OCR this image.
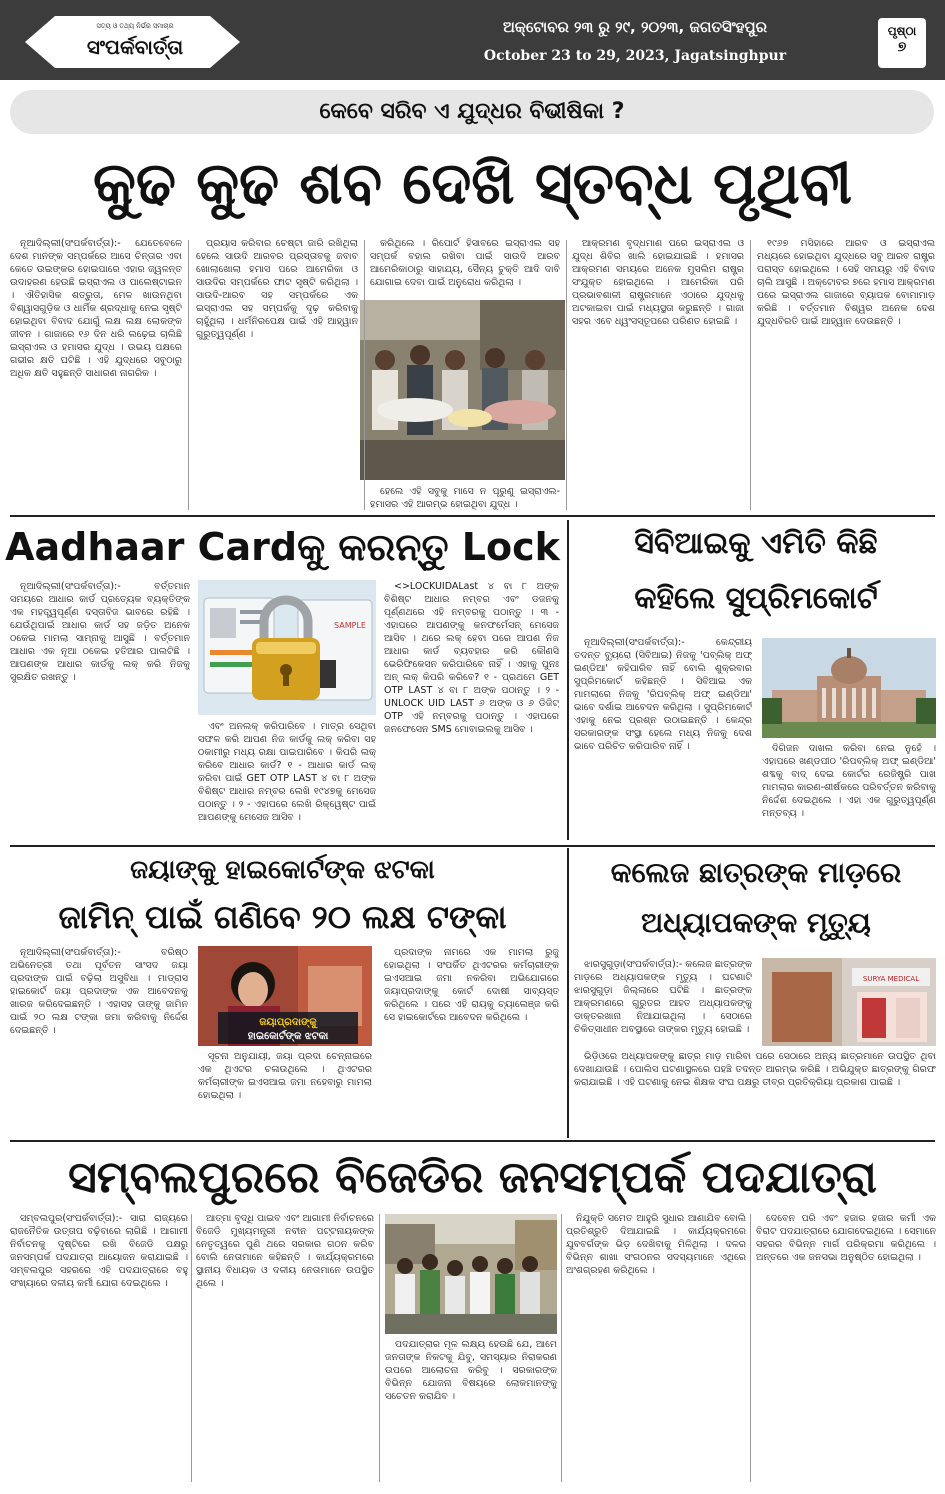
ସତ୍ୟ ଓ ତଥ୍ୟ ନିର୍ଭର ସମାଚାର
ସଂପର୍କବାର୍ତ୍ତା
ଅକ୍ଟୋବର ୨୩ ରୁ ୨୯, ୨୦୨୩, ଜଗତସିଂହପୁର
October 23 to 29, 2023, Jagatsinghpur
ପୃଷ୍ଠା
୭
କେବେ ସରିବ ଏ ଯୁଦ୍ଧର ବିଭୀଷିକା ?
କୁଢ କୁଢ ଶବ ଦେଖି ସ୍ତବ୍ଧ ପୃଥିବୀ

ନୂଆଦିଲ୍ଲୀ(ସଂପର୍କବାର୍ତ୍ତା):- ଯେତେବେଳେ ଦେଶ ମାନଙ୍କ ସମ୍ପର୍କରେ ଆସେ ଚିନ୍ତାର ଏବା କେତେ ଉଇଙ୍କର ହୋଇପାରେ ଏହାର ଜ୍ୱଳନ୍ତ ଉଦାହରଣ ହେଉଛି ଇସ୍ରାଏଲ ଓ ପାଲେଷ୍ଟାଇନ । ଐତିହାସିକ ଶତ୍ରୁତା, ମେଳ ଖାଉନଥିବା ବିଶ୍ୱାସଗୁଡ଼ିକ ଓ ଧାର୍ମିକ ଶ୍ରଦ୍ଧାକୁ ନେଇ ସୃଷ୍ଟି ହୋଇଥିବା ବିବାଦ ଯୋଗୁଁ ଲକ୍ଷ ଲକ୍ଷ ଲୋକଙ୍କ ଜୀବନ । ଗାଜାରେ ୧୬ ଦିନ ଧରି ଲଢ଼େଇ ଚାଲିଛି ଇସ୍ରାଏଲ ଓ ହମାସର ଯୁଦ୍ଧ । ଉଭୟ ପକ୍ଷରେ ଗଭୀର କ୍ଷତି ଘଟିଛି । ଏହି ଯୁଦ୍ଧରେ ସବୁଠାରୁ ଅଧିକ କ୍ଷତି ସହୁଛନ୍ତି ସାଧାରଣ ନାଗରିକ ।

ପ୍ରୟାସ କରିବାର ଚେଷ୍ଟା ଜାରି ରଖିଥିଲା ହେଲେ ସାଉଦି ଆରବର ପ୍ରସ୍ତାବକୁ ଜବାବ ଖୋଲାଖୋଲା ହମାସ ପରେ ଆମେରିକା ଓ ସାଉଦିର ସମ୍ପର୍କରେ ଫାଟ ସୃଷ୍ଟି କରିଥିଲା । ସାଉଦି-ଆରବ ସହ ସମ୍ପର୍କରେ ଏକ ଇସ୍ରାଏଲ ସହ ସମ୍ପର୍କକୁ ଦୃଢ଼ କରିବାକୁ ଚାହୁଁଥିଲା । ଧର୍ମନିରପେକ୍ଷ ପାଇଁ ଏହି ଆହ୍ୱାନ ଗୁରୁତ୍ୱପୂର୍ଣ୍ଣ ।

କରିଥିଲେ । ରିପୋର୍ଟ ହିସାବରେ ଇସ୍ରାଏଲ ସହ ସମ୍ପର୍କ ବହାଲ ରଖିବା ପାଇଁ ସାଉଦି ଆରବ ଆମେରିକାଠାରୁ ସାହାଯ୍ୟ, ସୈନ୍ୟ ଚୁକ୍ତି ଆଦି ଦାବି ଯୋଗାଇ ଦେବା ପାଇଁ ଅନୁରୋଧ କରିଥିଲା ।

ହେଲେ ଏହି ସବୁକୁ ମାସେ ନ ପୂରୁଣୁ ଇସ୍ରାଏଲ-ହମାସର ଏହି ଆରମ୍ଭ ହୋଇଥିବା ଯୁଦ୍ଧ ।

ଆକ୍ରମଣ ବୃଦ୍ଧମାଣ ପରେ ଇସ୍ରାଏଲ ଓ ଯୁଦ୍ଧ ଶିବିର ଖାଲି ହୋଇଯାଇଛି । ହମାସର ଆକ୍ରମଣ ସମୟରେ ଅନେକ ମୁସଲିମ ରାଷ୍ଟ୍ର ସଂଯୁକ୍ତ ହୋଇଥିଲେ । ଆମେରିକା ପରି ପ୍ରଭାବଶାଳୀ ରାଷ୍ଟ୍ରମାନେ ଏଠାରେ ଯୁଦ୍ଧକୁ ଅଟକାଇବା ପାଇଁ ମଧ୍ୟସ୍ଥତା କରୁଛନ୍ତି । ଗାଜା ସହର ଏବେ ଧ୍ୱଂସସ୍ତୂପରେ ପରିଣତ ହୋଇଛି ।

୧୯୬୭ ମସିହାରେ ଆରବ ଓ ଇସ୍ରାଏଲ ମଧ୍ୟରେ ହୋଇଥିବା ଯୁଦ୍ଧରେ ସବୁ ଆରବ ରାଷ୍ଟ୍ର ପରାସ୍ତ ହୋଇଥିଲେ । ସେହି ସମୟରୁ ଏହି ବିବାଦ ଚାଲି ଆସୁଛି । ଅକ୍ଟୋବର ୭ରେ ହମାସ ଆକ୍ରମଣ ପରେ ଇସ୍ରାଏଲ ଗାଜାରେ ବ୍ୟାପକ ବୋମାମାଡ଼ କରିଛି । ବର୍ତ୍ତମାନ ବିଶ୍ୱର ଅନେକ ଦେଶ ଯୁଦ୍ଧବିରତି ପାଇଁ ଆହ୍ୱାନ ଦେଉଛନ୍ତି ।

Aadhaar Cardକୁ କରନ୍ତୁ Lock

ନୂଆଦିଲ୍ଲୀ(ସଂପର୍କବାର୍ତ୍ତା):- ବର୍ତ୍ତମାନ ସମୟରେ ଆଧାର କାର୍ଡ ପ୍ରତ୍ୟେକ ବ୍ୟକ୍ତିଙ୍କ ଏକ ମହତ୍ତ୍ୱପୂର୍ଣ୍ଣ ଦସ୍ତାବିଜ ଭାବରେ ରହିଛି । ଯେଉଁଥିପାଇଁ ଆଧାର କାର୍ଡ ସହ ଜଡ଼ିତ ଅନେକ ଠକେଇ ମାମଲା ସାମ୍ନାକୁ ଆସୁଛି । ବର୍ତ୍ତମାନ ଆଧାର ଏକ ନୂଆ ଠକେଇ ହତିଆର ପାଲଟିଛି । ଆପଣଙ୍କ ଆଧାର କାର୍ଡକୁ ଲକ୍ କରି ନିଜକୁ ସୁରକ୍ଷିତ ରଖନ୍ତୁ ।

SAMPLE

ଏବଂ ଅନଲକ୍ କରିପାରିବେ । ମାତ୍ର ସେଥିବା ସଫଳ କରି ଆପଣ ନିଜ କାର୍ଡକୁ ଲକ୍ କରିବା ସହ ଠକାମୀରୁ ମଧ୍ୟ ରକ୍ଷା ପାଇପାରିବେ । କିପରି ଲକ୍ କରିବେ ଆଧାର କାର୍ଡ? ୧ - ଆଧାର କାର୍ଡ ଲକ୍ କରିବା ପାଇଁ GET OTP LAST ୪ ବା ୮ ଅଙ୍କ ବିଶିଷ୍ଟ ଆଧାର ନମ୍ବର ଲେଖି ୧୯୪୭କୁ ମେସେଜ ପଠାନ୍ତୁ । ୨ - ଏହାପରେ ଲେଖି ରିକ୍ୱେଷ୍ଟ ପାଇଁ ଆପଣଙ୍କୁ ମେସେଜ ଆସିବ ।

<>LOCKUIDALast ୪ ବା ୮ ଅଙ୍କ ବିଶିଷ୍ଟ ଆଧାର ନମ୍ବର ଏବଂ ଡଜନକୁ ପୂର୍ଣ୍ଣଥରେ ଏହି ନମ୍ବରକୁ ପଠାନ୍ତୁ । ୩ - ଏହାପରେ ଆପଣଙ୍କୁ କନଫର୍ମେସନ୍ ମେସେଜ ଆସିବ । ଥରେ ଲକ୍ ହେବା ପରେ ଆପଣ ନିଜ ଆଧାର କାର୍ଡ ବ୍ୟବହାର କରି କୌଣସି ଭେରିଫିକେସନ କରିପାରିବେ ନାହିଁ । ଏହାକୁ ପୁନଃ ଅନ୍ ଲକ୍ କିପରି କରିବେ? ୧ - ପ୍ରଥମେ GET OTP LAST ୪ ବା ୮ ଅଙ୍କ ପଠାନ୍ତୁ । ୨ - UNLOCK UID LAST ୬ ଅଙ୍କ ଓ ୬ ଡିଜିଟ୍ OTP ଏହି ନମ୍ବରକୁ ପଠାନ୍ତୁ । ଏହାପରେ ଜନଫେସେନ SMS ମୋବାଇଲକୁ ଆସିବ ।

ସିବିଆଇକୁ ଏମିତି କିଛି
କହିଲେ ସୁପ୍ରିମକୋର୍ଟ

ନୂଆଦିଲ୍ଲୀ(ସଂପର୍କବାର୍ତ୍ତା):- କେନ୍ଦ୍ରୀୟ ତଦନ୍ତ ବ୍ୟୁରୋ (ସିବିଆଇ) ନିଜକୁ 'ପବ୍ଲିକ୍ ଅଫ୍ ଇଣ୍ଡିଆ' କହିପାରିବ ନାହିଁ ବୋଲି ଶୁକ୍ରବାର ସୁପ୍ରିମକୋର୍ଟ କହିଛନ୍ତି । ସିବିଆଇ ଏକ ମାମଲାରେ ନିଜକୁ 'ରିପବ୍ଲିକ୍ ଅଫ୍ ଇଣ୍ଡିଆ' ଭାବେ ଦର୍ଶାଇ ଆବେଦନ କରିଥିଲା । ସୁପ୍ରିମକୋର୍ଟ ଏହାକୁ ନେଇ ପ୍ରଶ୍ନ ଉଠାଇଛନ୍ତି । କେନ୍ଦ୍ର ସରକାରଙ୍କ ସଂସ୍ଥା ହେଲେ ମଧ୍ୟ ନିଜକୁ ଦେଶ ଭାବେ ପରିଚିତ କରିପାରିବ ନାହିଁ ।	ଦିଗିଜନ ଦାଖଲ କରିବା ନେଇ ନୁହେଁ । ଏହାପରେ ଖଣ୍ଡପୀଠ 'ରିପବ୍ଲିକ୍ ଅଫ୍ ଇଣ୍ଡିଆ' ଶବ୍ଦକୁ ବାଦ୍ ଦେଇ କୋର୍ଟର ରେଜିଷ୍ଟ୍ରି ପାଖ ମାମଲାର କାରଣ-ଶୀର୍ଷକରେ ପରିବର୍ତ୍ତନ କରିବାକୁ ନିର୍ଦ୍ଦେଶ ଦେଇଥିଲେ । ଏହା ଏକ ଗୁରୁତ୍ୱପୂର୍ଣ୍ଣ ମନ୍ତବ୍ୟ ।

ଜୟାଙ୍କୁ ହାଇକୋର୍ଟଙ୍କ ଝଟକା
ଜାମିନ୍ ପାଇଁ ଗଣିବେ ୨୦ ଲକ୍ଷ ଟଙ୍କା

ନୂଆଦିଲ୍ଲୀ(ସଂପର୍କବାର୍ତ୍ତା):- ବରିଷ୍ଠ ଅଭିନେତ୍ରୀ ତଥା ପୂର୍ବତନ ସାଂସଦ ଜୟା ପ୍ରଦାଙ୍କ ପାଇଁ ବଢ଼ିଲା ଅସୁବିଧା । ମାଡ୍ରାସ ହାଇକୋର୍ଟ ଜୟା ପ୍ରଦାଙ୍କ ଏକ ଆବେଦନକୁ ଖାରଜ କରିଦେଇଛନ୍ତି । ଏହାସହ ତାଙ୍କୁ ଜାମିନ ପାଇଁ ୨୦ ଲକ୍ଷ ଟଙ୍କା ଜମା କରିବାକୁ ନିର୍ଦ୍ଦେଶ ଦେଇଛନ୍ତି ।

ଜୟାପ୍ରଦାଙ୍କୁ
ହାଇକୋର୍ଟଙ୍କ ଝଟକା

ସୂଚନା ଅନୁଯାୟୀ, ଜୟା ପ୍ରଦା ଚେନ୍ନାଇରେ ଏକ ଥିଏଟର ଚଳାଉଥିଲେ । ଥିଏଟରର କର୍ମଚାରୀଙ୍କ ଇଏସଆଇ ଜମା ନହେବାରୁ ମାମଲା ହୋଇଥିଲା ।

ପ୍ରଦାଙ୍କ ନାମରେ ଏକ ମାମଲା ରୁଜୁ ହୋଇଥିଲା । ସଂପର୍କିତ ଥିଏଟରର କର୍ମଚାରୀଙ୍କ ଇଏସଆଇ ଜମା ନକରିବା ଅଭିଯୋଗରେ ଜୟାପ୍ରଦାଙ୍କୁ କୋର୍ଟ ଦୋଷୀ ସାବ୍ୟସ୍ତ କରିଥିଲେ । ପରେ ଏହି ରାୟକୁ ଚ୍ୟାଲେଞ୍ଜ କରି ସେ ହାଇକୋର୍ଟରେ ଆବେଦନ କରିଥିଲେ ।

କଲେଜ ଛାତ୍ରଙ୍କ ମାଡ଼ରେ
ଅଧ୍ୟାପକଙ୍କ ମୃତ୍ୟୁ

ଝାରସୁଗୁଡ଼ା(ସଂପର୍କବାର୍ତ୍ତା):- କଲେଜ ଛାତ୍ରଙ୍କ ମାଡ଼ରେ ଅଧ୍ୟାପକଙ୍କ ମୃତ୍ୟୁ । ଘଟଣାଟି ଝାରସୁଗୁଡ଼ା ଜିଲ୍ଲାରେ ଘଟିଛି । ଛାତ୍ରଙ୍କ ଆକ୍ରମଣରେ ଗୁରୁତର ଆହତ ଅଧ୍ୟାପକଙ୍କୁ ଡାକ୍ତରଖାନା ନିଆଯାଇଥିଲା । ସେଠାରେ ଚିକିତ୍ସାଧୀନ ଅବସ୍ଥାରେ ତାଙ୍କର ମୃତ୍ୟୁ ହୋଇଛି ।

SURYA MEDICAL

ଭିଡ଼ିଓରେ ଅଧ୍ୟାପକଙ୍କୁ ଛାତ୍ର ମାଡ଼ ମାରିବା ପରେ ସେଠାରେ ଅନ୍ୟ ଛାତ୍ରମାନେ ଉପସ୍ଥିତ ଥିବା ଦେଖାଯାଉଛି । ପୋଲିସ ଘଟଣାସ୍ଥଳରେ ପହଞ୍ଚି ତଦନ୍ତ ଆରମ୍ଭ କରିଛି । ଅଭିଯୁକ୍ତ ଛାତ୍ରଙ୍କୁ ଗିରଫ କରାଯାଇଛି । ଏହି ଘଟଣାକୁ ନେଇ ଶିକ୍ଷକ ସଂଘ ପକ୍ଷରୁ ତୀବ୍ର ପ୍ରତିକ୍ରିୟା ପ୍ରକାଶ ପାଇଛି ।

ସମ୍ବଲପୁରରେ ବିଜେଡିର ଜନସମ୍ପର୍କ ପଦଯାତ୍ରା

ସମ୍ବଲପୁର(ସଂପର୍କବାର୍ତ୍ତା):- ସାରା ରାଜ୍ୟରେ ରାଜନୈତିକ ଉତ୍ତାପ ବଢ଼ିବାରେ ଲାଗିଛି । ଆଗାମୀ ନିର୍ବାଚନକୁ ଦୃଷ୍ଟିରେ ରଖି ବିଜେଡି ପକ୍ଷରୁ ଜନସମ୍ପର୍କ ପଦଯାତ୍ରା ଆୟୋଜନ କରାଯାଇଛି । ସମ୍ବଲପୁର ସହରରେ ଏହି ପଦଯାତ୍ରାରେ ବହୁ ସଂଖ୍ୟାରେ ଦଳୀୟ କର୍ମୀ ଯୋଗ ଦେଇଥିଲେ ।

ଆତ୍ମା ବୃଦ୍ଧି ପାଇବ ଏବଂ ଆଗାମୀ ନିର୍ବାଚନରେ ବିଜେଡି ମୁଖ୍ୟମନ୍ତ୍ରୀ ନବୀନ ପଟ୍ଟନାୟକଙ୍କ ନେତୃତ୍ୱରେ ପୁଣି ଥରେ ସରକାର ଗଠନ କରିବ ବୋଲି ନେତାମାନେ କହିଛନ୍ତି । କାର୍ଯ୍ୟକ୍ରମରେ ସ୍ଥାନୀୟ ବିଧାୟକ ଓ ଦଳୀୟ ନେତାମାନେ ଉପସ୍ଥିତ ଥିଲେ ।

ପଦଯାତ୍ରାର ମୂଳ ଲକ୍ଷ୍ୟ ହେଉଛି ଯେ, ଆମେ ଜନତାଙ୍କ ନିକଟକୁ ଯିବୁ, ସମସ୍ୟାର ନିରାକରଣ ଉପରେ ଆଲୋଚନା କରିବୁ । ସରକାରଙ୍କ ବିଭିନ୍ନ ଯୋଜନା ବିଷୟରେ ଲୋକମାନଙ୍କୁ ସଚେତନ କରାଯିବ ।

ନିଯୁକ୍ତି ସମେତ ଆହୁରି ସୁଧାର ଆଣାଯିବ ବୋଲି ପ୍ରତିଶ୍ରୁତି ଦିଆଯାଇଛି । କାର୍ଯ୍ୟକ୍ରମରେ ଯୁବବର୍ଗଙ୍କ ଭିଡ଼ ଦେଖିବାକୁ ମିଳିଥିଲା । ଦଳର ବିଭିନ୍ନ ଶାଖା ସଂଗଠନର ସଦସ୍ୟମାନେ ଏଥିରେ ଅଂଶଗ୍ରହଣ କରିଥିଲେ ।

ଦେବେନ ପରି ଏବଂ ହଜାର ହଜାର କର୍ମୀ ଏକ ବିରାଟ ପଦଯାତ୍ରାରେ ଯୋଗଦେଇଥିଲେ । ସେମାନେ ସହରର ବିଭିନ୍ନ ମାର୍ଗ ପରିକ୍ରମା କରିଥିଲେ । ଅନ୍ତରେ ଏକ ଜନସଭା ଅନୁଷ୍ଠିତ ହୋଇଥିଲା ।
